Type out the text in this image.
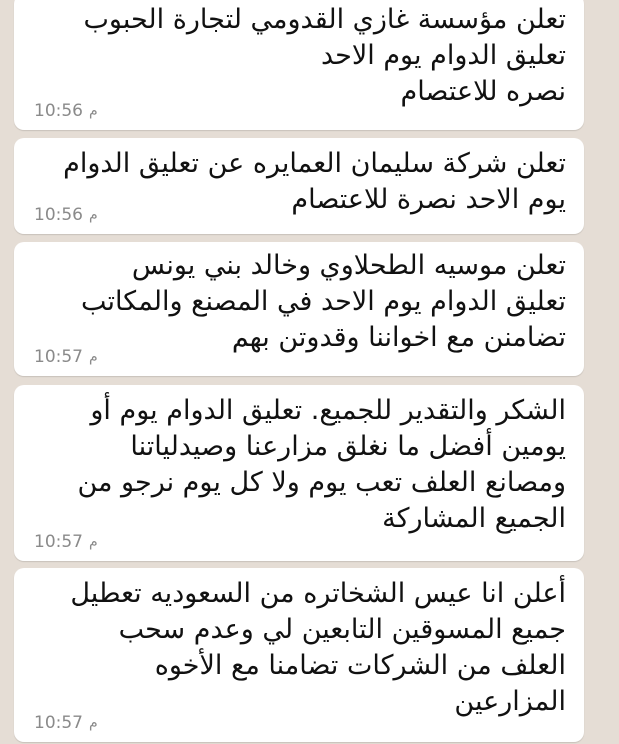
تعلن مؤسسة غازي القدومي لتجارة الحبوب
تعليق الدوام يوم الاحد
نصره للاعتصام

10:56 م

تعلن شركة سليمان العمايره عن تعليق الدوام
يوم الاحد نصرة للاعتصام

10:56 م

تعلن موسيه الطحلاوي وخالد بني يونس
تعليق الدوام يوم الاحد في المصنع والمكاتب
تضامنن مع اخواننا وقدوتن بهم

10:57 م

الشكر والتقدير للجميع. تعليق الدوام يوم أو
يومين أفضل ما نغلق مزارعنا وصيدلياتنا
ومصانع العلف تعب يوم ولا كل يوم نرجو من
الجميع المشاركة

10:57 م

أعلن انا عيس الشخاتره من السعوديه تعطيل
جميع المسوقين التابعين لي وعدم سحب
العلف من الشركات تضامنا مع الأخوه
المزارعين

10:57 م
